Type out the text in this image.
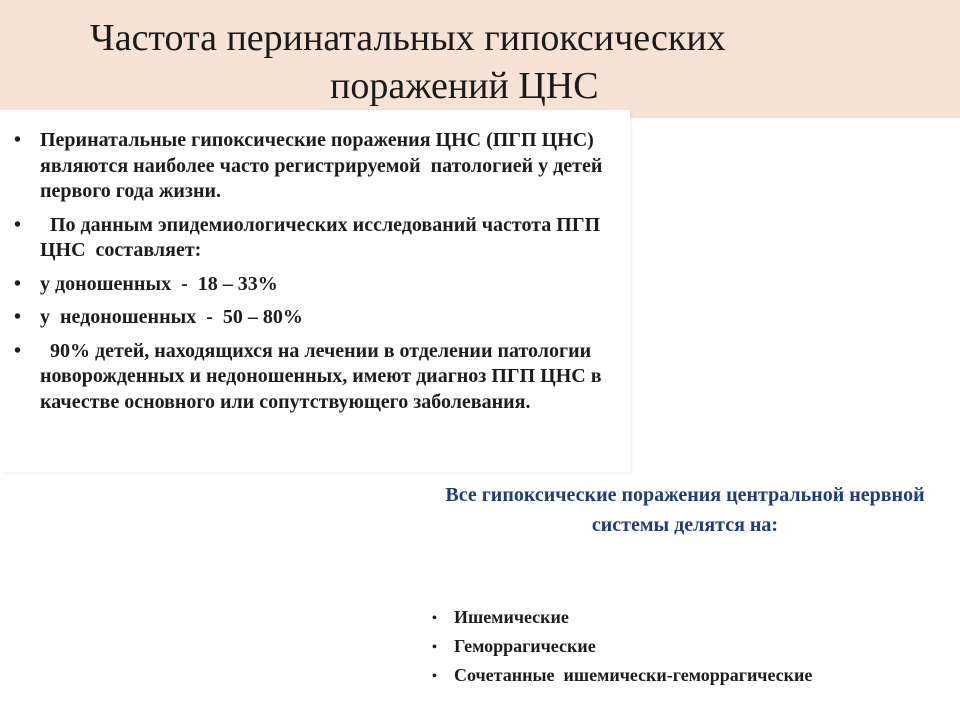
Частота перинатальных гипоксических
поражений ЦНС
• Перинатальные гипоксические поражения ЦНС (ПГП ЦНС) являются наиболее часто регистрируемой  патологией у детей первого года жизни.
• По данным эпидемиологических исследований частота ПГП ЦНС  составляет:
• у доношенных  -  18 – 33%
• у  недоношенных  -  50 – 80%
• 90% детей, находящихся на лечении в отделении патологии новорожденных и недоношенных, имеют диагноз ПГП ЦНС в качестве основного или сопутствующего заболевания.

Все гипоксические поражения центральной нервной системы делятся на:

• Ишемические
• Геморрагические
• Сочетанные  ишемически-геморрагические
